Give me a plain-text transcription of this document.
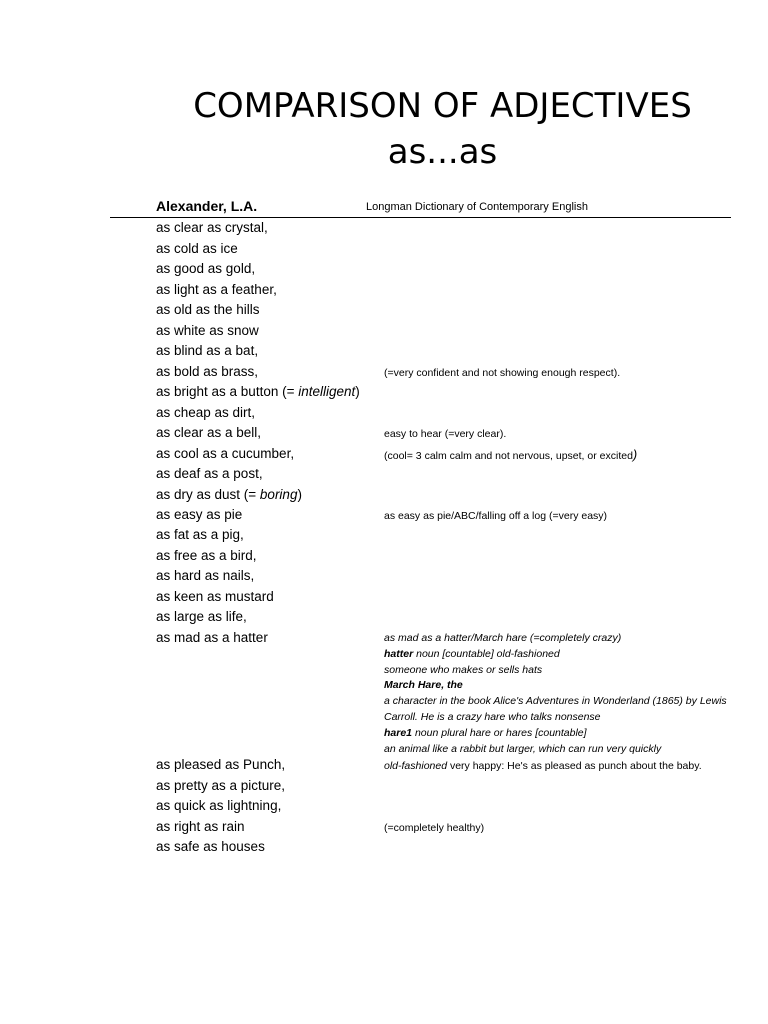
COMPARISON OF ADJECTIVES
as...as
Alexander, L.A.	Longman Dictionary of Contemporary English
as clear as crystal,
as cold as ice
as good as gold,
as light as a feather,
as old as the hills
as white as snow
as blind as a bat,
as bold as brass,	(=very confident and not showing enough respect).
as bright as a button (= intelligent)
as cheap as dirt,
as clear as a bell,	easy to hear (=very clear).
as cool as a cucumber,	(cool= 3 calm calm and not nervous, upset, or excited)
as deaf as a post,
as dry as dust (= boring)
as easy as pie	as easy as pie/ABC/falling off a log (=very easy)
as fat as a pig,
as free as a bird,
as hard as nails,
as keen as mustard
as large as life,
as mad as a hatter	as mad as a hatter/March hare (=completely crazy)
hatter noun [countable] old-fashioned
someone who makes or sells hats
March Hare, the
a character in the book Alice's Adventures in Wonderland (1865) by Lewis
Carroll. He is a crazy hare who talks nonsense
hare1 noun plural hare or hares [countable]
an animal like a rabbit but larger, which can run very quickly
as pleased as Punch,	old-fashioned very happy: He's as pleased as punch about the baby.
as pretty as a picture,
as quick as lightning,
as right as rain	(=completely healthy)
as safe as houses
